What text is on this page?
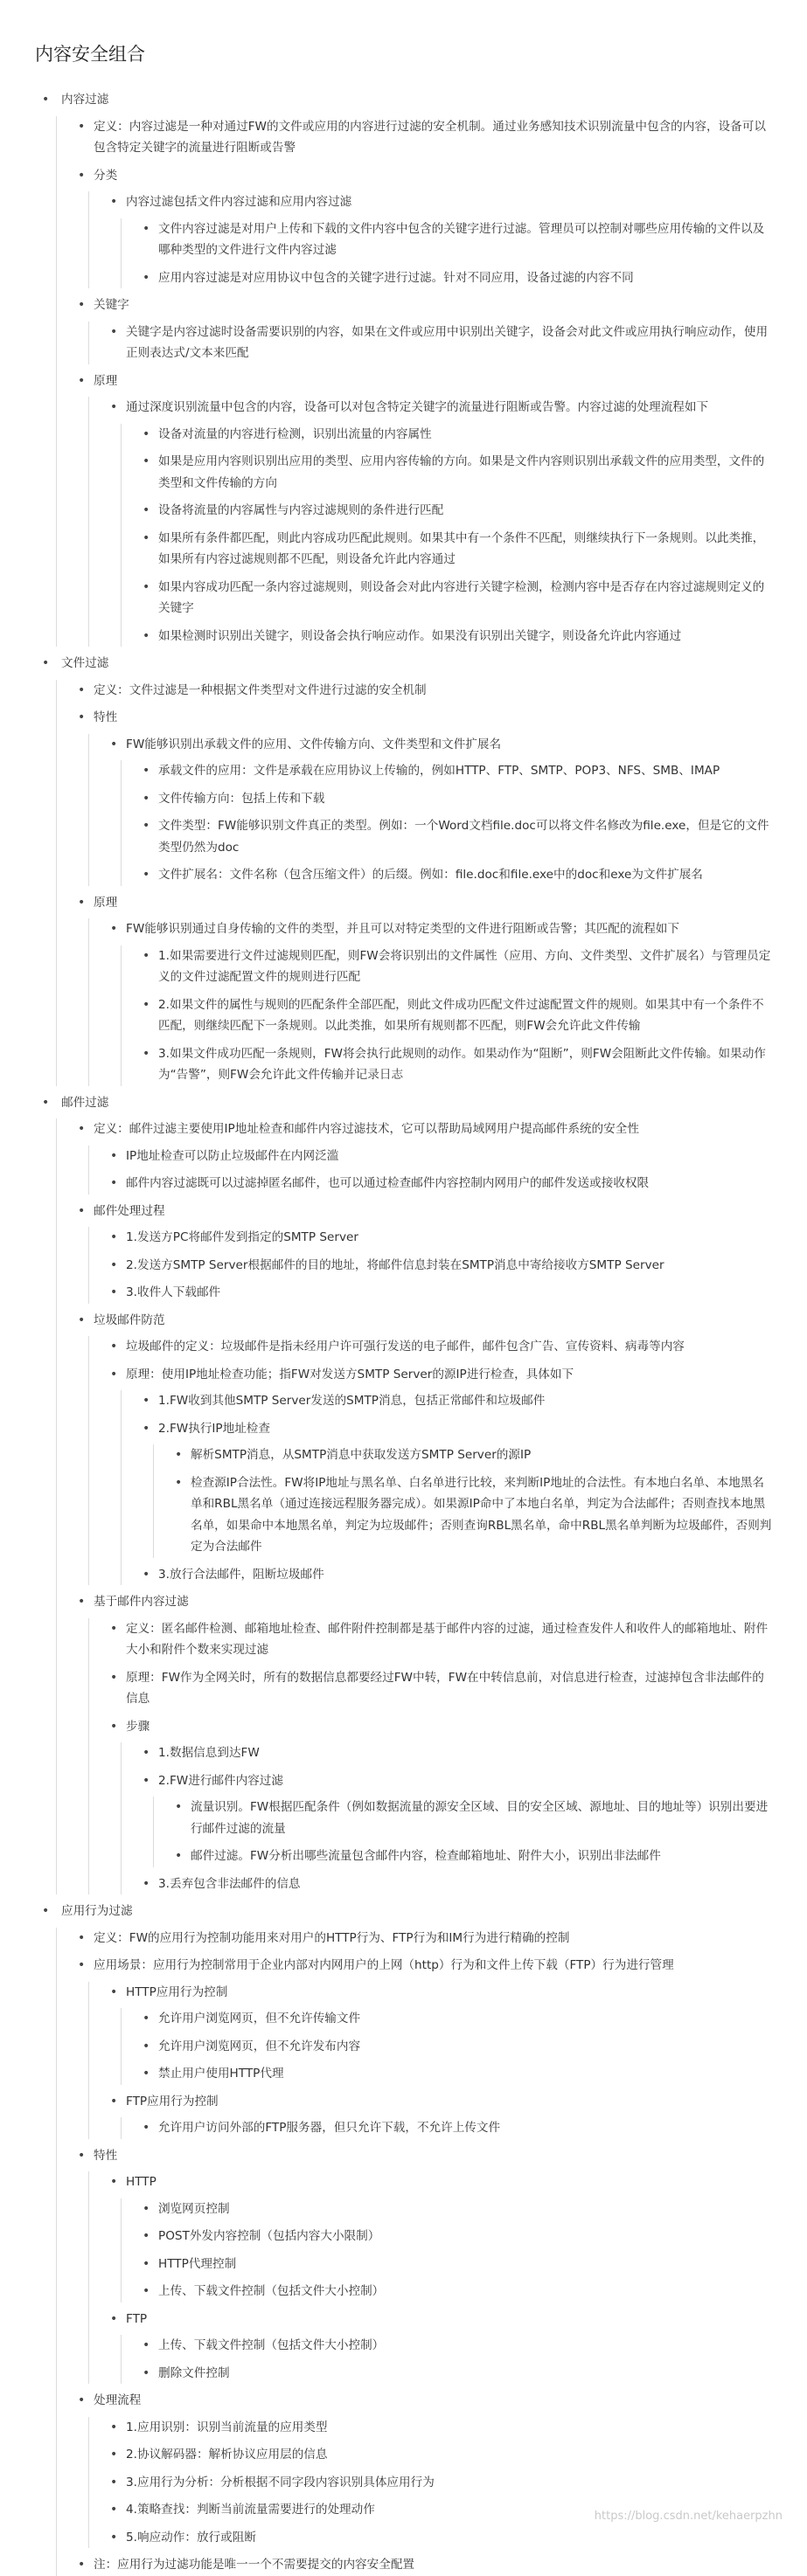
内容安全组合
• 内容过滤
• 定义：内容过滤是一种对通过FW的文件或应用的内容进行过滤的安全机制。通过业务感知技术识别流量中包含的内容，设备可以包含特定关键字的流量进行阻断或告警
• 分类
• 内容过滤包括文件内容过滤和应用内容过滤
• 文件内容过滤是对用户上传和下载的文件内容中包含的关键字进行过滤。管理员可以控制对哪些应用传输的文件以及哪种类型的文件进行文件内容过滤
• 应用内容过滤是对应用协议中包含的关键字进行过滤。针对不同应用，设备过滤的内容不同
• 关键字
• 关键字是内容过滤时设备需要识别的内容，如果在文件或应用中识别出关键字，设备会对此文件或应用执行响应动作，使用正则表达式/文本来匹配
• 原理
• 通过深度识别流量中包含的内容，设备可以对包含特定关键字的流量进行阻断或告警。内容过滤的处理流程如下
• 设备对流量的内容进行检测，识别出流量的内容属性
• 如果是应用内容则识别出应用的类型、应用内容传输的方向。如果是文件内容则识别出承载文件的应用类型，文件的类型和文件传输的方向
• 设备将流量的内容属性与内容过滤规则的条件进行匹配
• 如果所有条件都匹配，则此内容成功匹配此规则。如果其中有一个条件不匹配，则继续执行下一条规则。以此类推，如果所有内容过滤规则都不匹配，则设备允许此内容通过
• 如果内容成功匹配一条内容过滤规则，则设备会对此内容进行关键字检测，检测内容中是否存在内容过滤规则定义的关键字
• 如果检测时识别出关键字，则设备会执行响应动作。如果没有识别出关键字，则设备允许此内容通过
• 文件过滤
• 定义：文件过滤是一种根据文件类型对文件进行过滤的安全机制
• 特性
• FW能够识别出承载文件的应用、文件传输方向、文件类型和文件扩展名
• 承载文件的应用：文件是承载在应用协议上传输的，例如HTTP、FTP、SMTP、POP3、NFS、SMB、IMAP
• 文件传输方向：包括上传和下载
• 文件类型：FW能够识别文件真正的类型。例如：一个Word文档file.doc可以将文件名修改为file.exe，但是它的文件类型仍然为doc
• 文件扩展名：文件名称（包含压缩文件）的后缀。例如：file.doc和file.exe中的doc和exe为文件扩展名
• 原理
• FW能够识别通过自身传输的文件的类型，并且可以对特定类型的文件进行阻断或告警；其匹配的流程如下
• 1.如果需要进行文件过滤规则匹配，则FW会将识别出的文件属性（应用、方向、文件类型、文件扩展名）与管理员定义的文件过滤配置文件的规则进行匹配
• 2.如果文件的属性与规则的匹配条件全部匹配，则此文件成功匹配文件过滤配置文件的规则。如果其中有一个条件不匹配，则继续匹配下一条规则。以此类推，如果所有规则都不匹配，则FW会允许此文件传输
• 3.如果文件成功匹配一条规则，FW将会执行此规则的动作。如果动作为“阻断”，则FW会阻断此文件传输。如果动作为“告警”，则FW会允许此文件传输并记录日志
• 邮件过滤
• 定义：邮件过滤主要使用IP地址检查和邮件内容过滤技术，它可以帮助局域网用户提高邮件系统的安全性
• IP地址检查可以防止垃圾邮件在内网泛滥
• 邮件内容过滤既可以过滤掉匿名邮件，也可以通过检查邮件内容控制内网用户的邮件发送或接收权限
• 邮件处理过程
• 1.发送方PC将邮件发到指定的SMTP Server
• 2.发送方SMTP Server根据邮件的目的地址，将邮件信息封装在SMTP消息中寄给接收方SMTP Server
• 3.收件人下载邮件
• 垃圾邮件防范
• 垃圾邮件的定义：垃圾邮件是指未经用户许可强行发送的电子邮件，邮件包含广告、宣传资料、病毒等内容
• 原理：使用IP地址检查功能；指FW对发送方SMTP Server的源IP进行检查，具体如下
• 1.FW收到其他SMTP Server发送的SMTP消息，包括正常邮件和垃圾邮件
• 2.FW执行IP地址检查
• 解析SMTP消息，从SMTP消息中获取发送方SMTP Server的源IP
• 检查源IP合法性。FW将IP地址与黑名单、白名单进行比较，来判断IP地址的合法性。有本地白名单、本地黑名单和RBL黑名单（通过连接远程服务器完成）。如果源IP命中了本地白名单，判定为合法邮件；否则查找本地黑名单，如果命中本地黑名单，判定为垃圾邮件；否则查询RBL黑名单，命中RBL黑名单判断为垃圾邮件，否则判定为合法邮件
• 3.放行合法邮件，阻断垃圾邮件
• 基于邮件内容过滤
• 定义：匿名邮件检测、邮箱地址检查、邮件附件控制都是基于邮件内容的过滤，通过检查发件人和收件人的邮箱地址、附件大小和附件个数来实现过滤
• 原理：FW作为全网关时，所有的数据信息都要经过FW中转，FW在中转信息前，对信息进行检查，过滤掉包含非法邮件的信息
• 步骤
• 1.数据信息到达FW
• 2.FW进行邮件内容过滤
• 流量识别。FW根据匹配条件（例如数据流量的源安全区域、目的安全区域、源地址、目的地址等）识别出要进行邮件过滤的流量
• 邮件过滤。FW分析出哪些流量包含邮件内容，检查邮箱地址、附件大小，识别出非法邮件
• 3.丢弃包含非法邮件的信息
• 应用行为过滤
• 定义：FW的应用行为控制功能用来对用户的HTTP行为、FTP行为和IM行为进行精确的控制
• 应用场景：应用行为控制常用于企业内部对内网用户的上网（http）行为和文件上传下载（FTP）行为进行管理
• HTTP应用行为控制
• 允许用户浏览网页，但不允许传输文件
• 允许用户浏览网页，但不允许发布内容
• 禁止用户使用HTTP代理
• FTP应用行为控制
• 允许用户访问外部的FTP服务器，但只允许下载，不允许上传文件
• 特性
• HTTP
• 浏览网页控制
• POST外发内容控制（包括内容大小限制）
• HTTP代理控制
• 上传、下载文件控制（包括文件大小控制）
• FTP
• 上传、下载文件控制（包括文件大小控制）
• 删除文件控制
• 处理流程
• 1.应用识别：识别当前流量的应用类型
• 2.协议解码器：解析协议应用层的信息
• 3.应用行为分析：分析根据不同字段内容识别具体应用行为
• 4.策略查找：判断当前流量需要进行的处理动作
• 5.响应动作：放行或阻断
• 注：应用行为过滤功能是唯一一个不需要提交的内容安全配置
https://blog.csdn.net/kehaerpzhn
